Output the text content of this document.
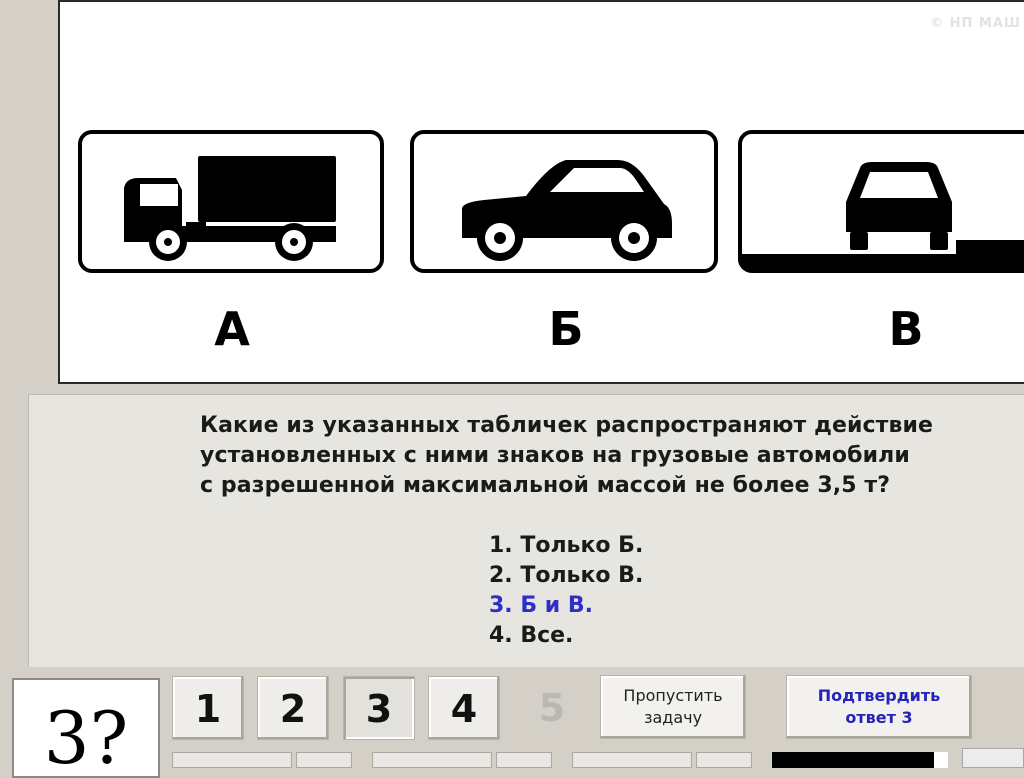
© НП МАШ
А	Б	В
Какие из указанных табличек распространяют действие
установленных с ними знаков на грузовые автомобили
с разрешенной максимальной массой не более 3,5 т?
1. Только Б.
2. Только В.
3. Б и В.
4. Все.
3?	1	2	3	4	5	Пропустить
задачу
Подтвердить
ответ 3
